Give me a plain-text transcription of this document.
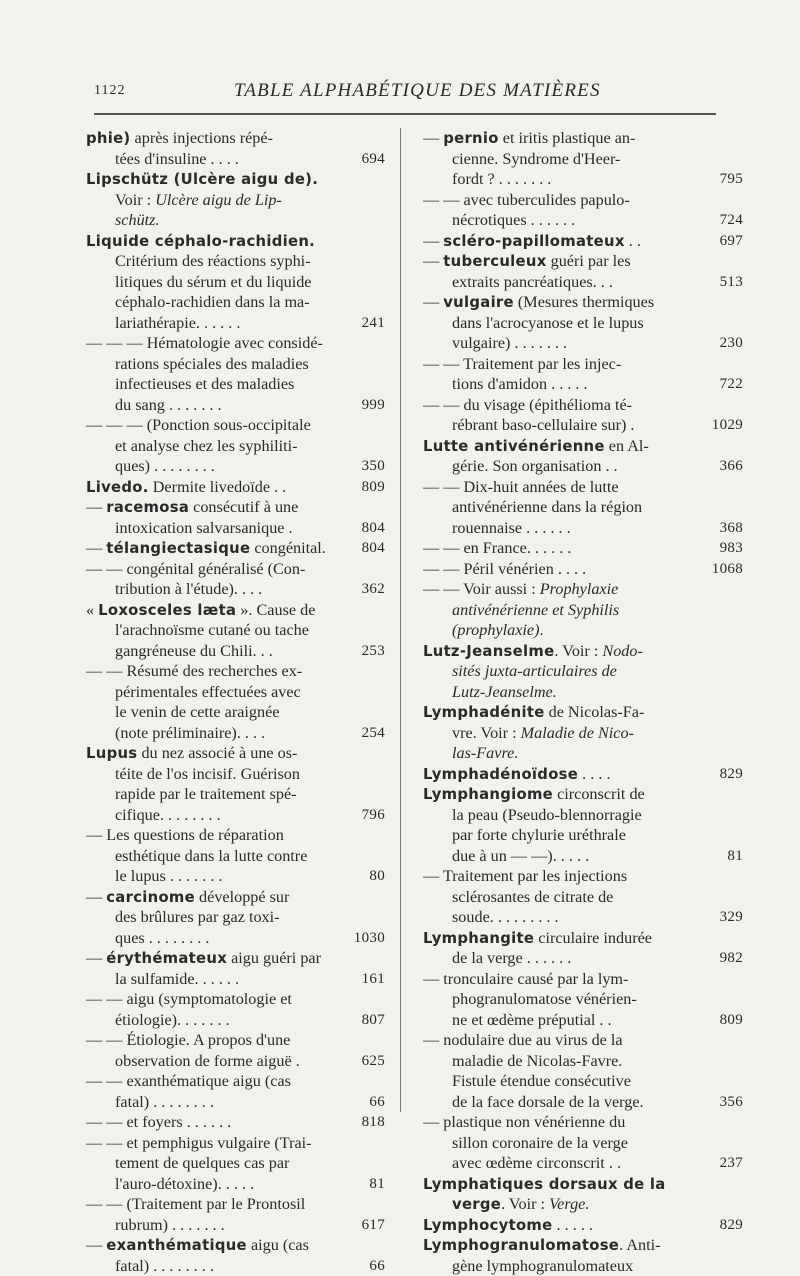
1122	TABLE ALPHABÉTIQUE DES MATIÈRES
phie) après injections répé-
tées d'insuline . . . .	694
Lipschütz (Ulcère aigu de).
Voir : Ulcère aigu de Lip-
schütz.
Liquide céphalo-rachidien.
Critérium des réactions syphi-
litiques du sérum et du liquide
céphalo-rachidien dans la ma-
lariathérapie. . . . . .	241
— — — Hématologie avec considé-
rations spéciales des maladies
infectieuses et des maladies
du sang . . . . . . .	999
— — — (Ponction sous-occipitale
et analyse chez les syphiliti-
ques) . . . . . . . .	350
Livedo. Dermite livedoïde . .	809
— racemosa consécutif à une
intoxication salvarsanique .	804
— télangiectasique congénital.	804
— — congénital généralisé (Con-
tribution à l'étude). . . .	362
« Loxosceles læta ». Cause de
l'arachnoïsme cutané ou tache
gangréneuse du Chili. . .	253
— — Résumé des recherches ex-
périmentales effectuées avec
le venin de cette araignée
(note préliminaire). . . .	254
Lupus du nez associé à une os-
téite de l'os incisif. Guérison
rapide par le traitement spé-
cifique. . . . . . . .	796
— Les questions de réparation
esthétique dans la lutte contre
le lupus . . . . . . .	80
— carcinome développé sur
des brûlures par gaz toxi-
ques . . . . . . . .	1030
— érythémateux aigu guéri par
la sulfamide. . . . . .	161
— — aigu (symptomatologie et
étiologie). . . . . . .	807
— — Étiologie. A propos d'une
observation de forme aiguë .	625
— — exanthématique aigu (cas
fatal) . . . . . . . .	66
— — et foyers . . . . . .	818
— — et pemphigus vulgaire (Trai-
tement de quelques cas par
l'auro-détoxine). . . . .	81
— — (Traitement par le Prontosil
rubrum) . . . . . . .	617
— exanthématique aigu (cas
fatal) . . . . . . . .	66
— pernio et iritis plastique an-
cienne. Syndrome d'Heer-
fordt ? . . . . . . .	795
— — avec tuberculides papulo-
nécrotiques . . . . . .	724
— scléro-papillomateux . .	697
— tuberculeux guéri par les
extraits pancréatiques. . .	513
— vulgaire (Mesures thermiques
dans l'acrocyanose et le lupus
vulgaire) . . . . . . .	230
— — Traitement par les injec-
tions d'amidon . . . . .	722
— — du visage (épithélioma té-
rébrant baso-cellulaire sur) .	1029
Lutte antivénérienne en Al-
gérie. Son organisation . .	366
— — Dix-huit années de lutte
antivénérienne dans la région
rouennaise . . . . . .	368
— — en France. . . . . .	983
— — Péril vénérien . . . .	1068
— — Voir aussi : Prophylaxie
antivénérienne et Syphilis
(prophylaxie).
Lutz-Jeanselme. Voir : Nodo-
sités juxta-articulaires de
Lutz-Jeanselme.
Lymphadénite de Nicolas-Fa-
vre. Voir : Maladie de Nico-
las-Favre.
Lymphadénoïdose . . . .	829
Lymphangiome circonscrit de
la peau (Pseudo-blennorragie
par forte chylurie uréthrale
due à un — —). . . . .	81
— Traitement par les injections
sclérosantes de citrate de
soude. . . . . . . . .	329
Lymphangite circulaire indurée
de la verge . . . . . .	982
— tronculaire causé par la lym-
phogranulomatose vénérien-
ne et œdème préputial . .	809
— nodulaire due au virus de la
maladie de Nicolas-Favre.
Fistule étendue consécutive
de la face dorsale de la verge.	356
— plastique non vénérienne du
sillon coronaire de la verge
avec œdème circonscrit . .	237
Lymphatiques dorsaux de la
verge. Voir : Verge.
Lymphocytome . . . . .	829
Lymphogranulomatose. Anti-
gène lymphogranulomateux
